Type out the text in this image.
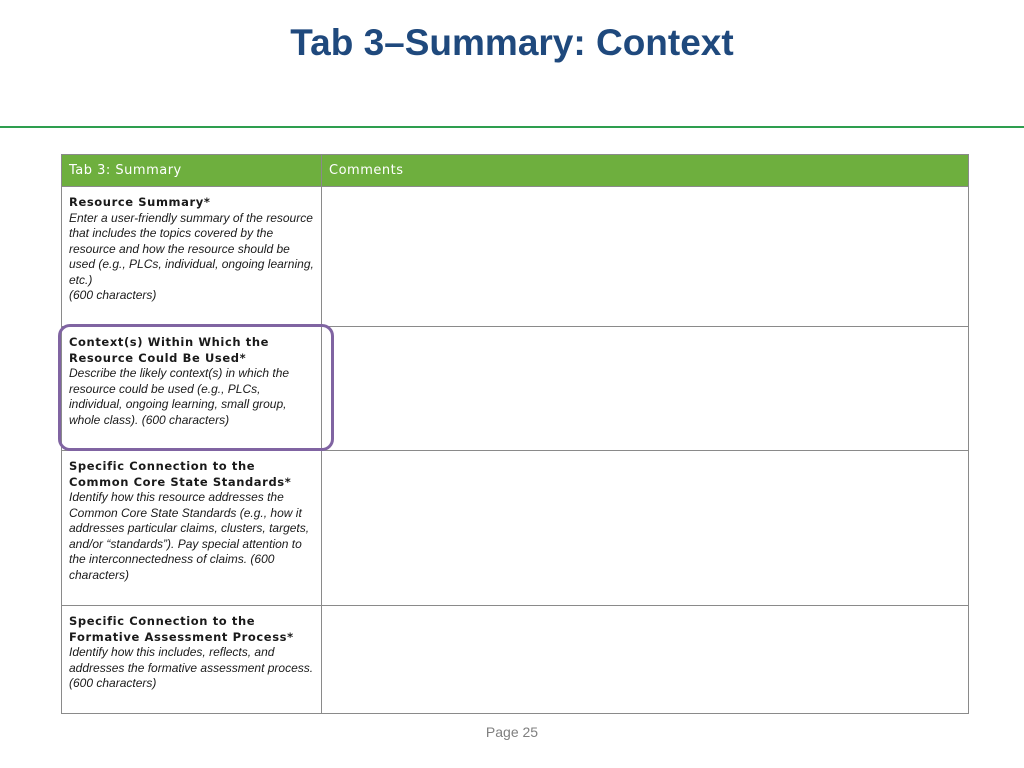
Tab 3–Summary: Context
Tab 3: Summary	Comments

Resource Summary*
Enter a user-friendly summary of the resource that includes the topics covered by the resource and how the resource should be used (e.g., PLCs, individual, ongoing learning, etc.)
(600 characters)	

Context(s) Within Which the Resource Could Be Used*
Describe the likely context(s) in which the resource could be used (e.g., PLCs, individual, ongoing learning, small group, whole class). (600 characters)	

Specific Connection to the Common Core State Standards*
Identify how this resource addresses the Common Core State Standards (e.g., how it addresses particular claims, clusters, targets, and/or “standards”). Pay special attention to the interconnectedness of claims. (600 characters)	

Specific Connection to the Formative Assessment Process*
Identify how this includes, reflects, and addresses the formative assessment process. (600 characters)	

Page 25
